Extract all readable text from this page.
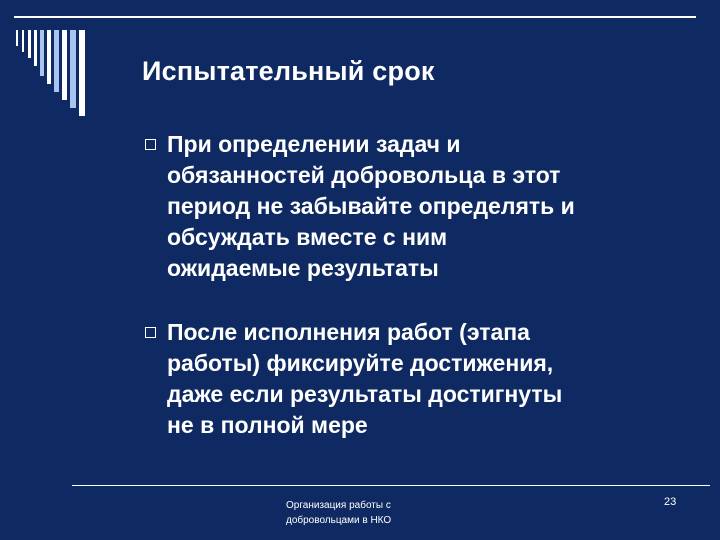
Испытательный срок
При определении задач и
обязанностей добровольца в этот
период не забывайте определять и
обсуждать вместе с ним
ожидаемые результаты
После исполнения работ (этапа
работы) фиксируйте достижения,
даже если результаты достигнуты
не в полной мере
Организация работы с
добровольцами в НКО
23
